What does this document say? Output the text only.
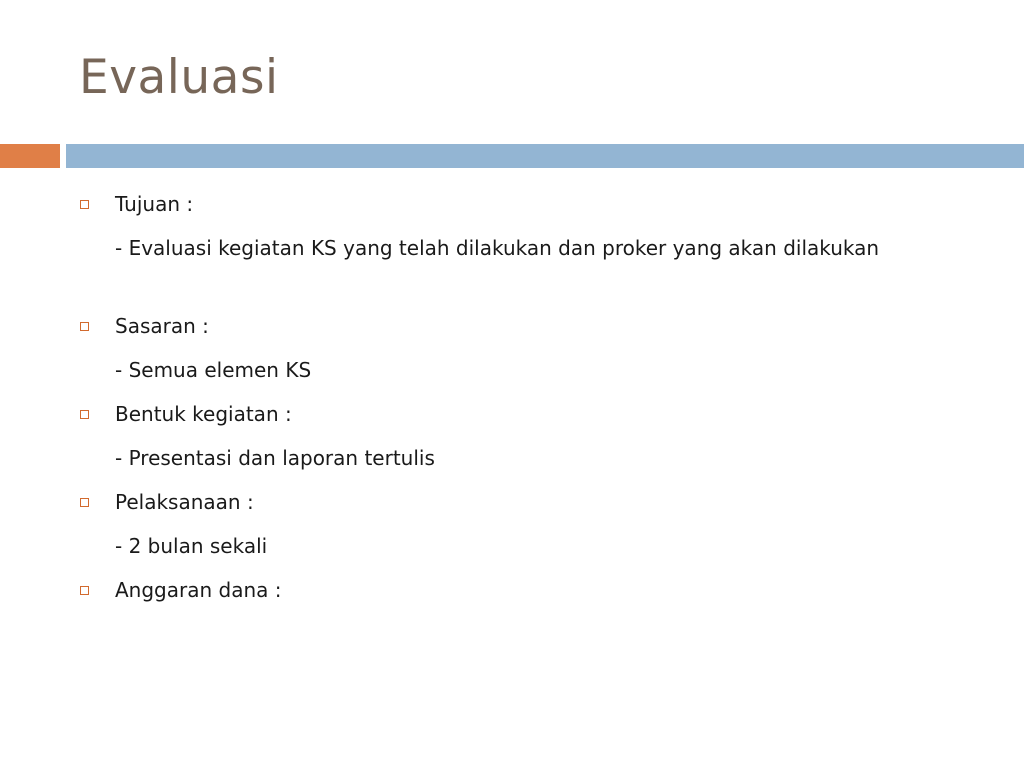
Evaluasi
Tujuan :
- Evaluasi kegiatan KS yang telah dilakukan dan proker yang akan dilakukan
Sasaran :
- Semua elemen KS
Bentuk kegiatan :
- Presentasi dan laporan tertulis
Pelaksanaan :
- 2 bulan sekali
Anggaran dana :
